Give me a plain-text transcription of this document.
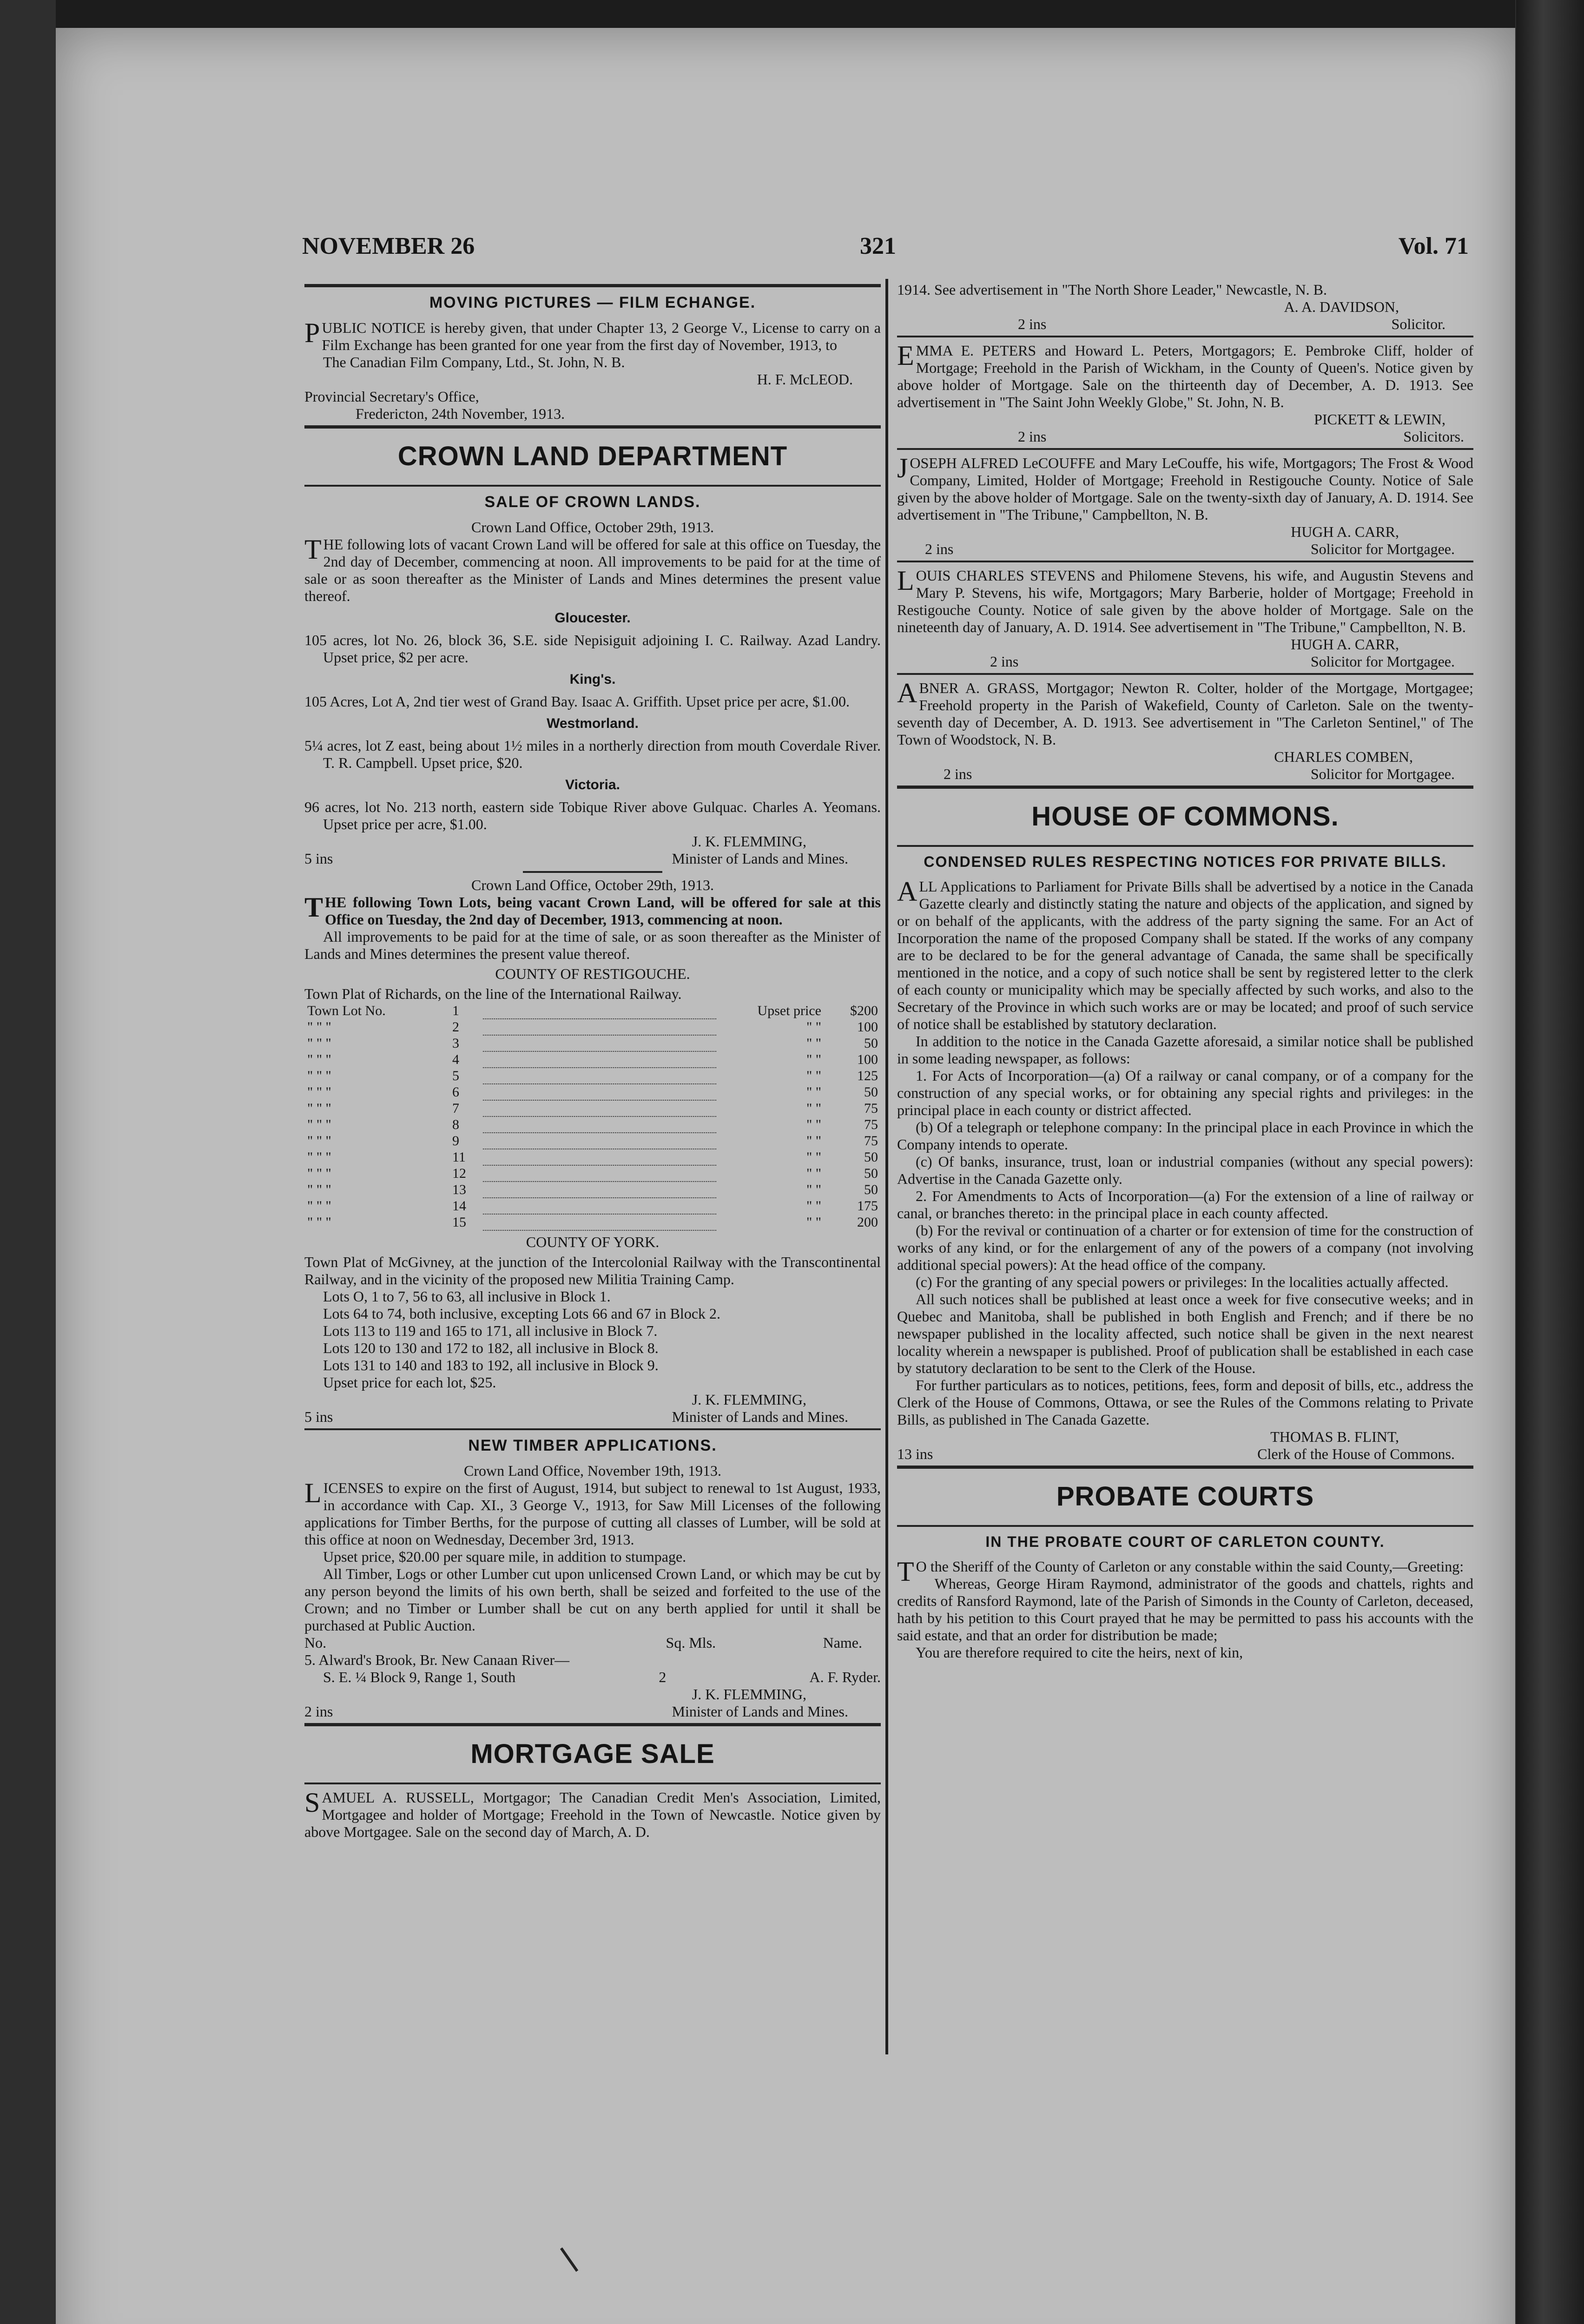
NOVEMBER 26	321	Vol. 71
MOVING PICTURES — FILM ECHANGE.

PUBLIC NOTICE is hereby given, that under Chapter 13, 2 George V., License to carry on a Film Exchange has been granted for one year from the first day of November, 1913, to

The Canadian Film Company, Ltd., St. John, N. B.

H. F. McLEOD.

Provincial Secretary's Office,

Fredericton, 24th November, 1913.

CROWN LAND DEPARTMENT
SALE OF CROWN LANDS.

Crown Land Office, October 29th, 1913.

THE following lots of vacant Crown Land will be offered for sale at this office on Tuesday, the 2nd day of December, commencing at noon. All improvements to be paid for at the time of sale or as soon thereafter as the Minister of Lands and Mines determines the present value thereof.

Gloucester.

105 acres, lot No. 26, block 36, S.E. side Nepisiguit adjoining I. C. Railway. Azad Landry. Upset price, $2 per acre.

King's.

105 Acres, Lot A, 2nd tier west of Grand Bay. Isaac A. Griffith. Upset price per acre, $1.00.

Westmorland.

5¼ acres, lot Z east, being about 1½ miles in a northerly direction from mouth Coverdale River. T. R. Campbell. Upset price, $20.

Victoria.

96 acres, lot No. 213 north, eastern side Tobique River above Gulquac. Charles A. Yeomans. Upset price per acre, $1.00.

J. K. FLEMMING,

5 ins	Minister of Lands and Mines.

Crown Land Office, October 29th, 1913.

THE following Town Lots, being vacant Crown Land, will be offered for sale at this Office on Tuesday, the 2nd day of December, 1913, commencing at noon.

All improvements to be paid for at the time of sale, or as soon thereafter as the Minister of Lands and Mines determines the present value thereof.

COUNTY OF RESTIGOUCHE.

Town Plat of Richards, on the line of the International Railway.

Town Lot No.	1		Upset price	$200
" " "	2		" "	100
" " "	3		" "	50
" " "	4		" "	100
" " "	5		" "	125
" " "	6		" "	50
" " "	7		" "	75
" " "	8		" "	75
" " "	9		" "	75
" " "	11		" "	50
" " "	12		" "	50
" " "	13		" "	50
" " "	14		" "	175
" " "	15		" "	200
COUNTY OF YORK.

Town Plat of McGivney, at the junction of the Intercolonial Railway with the Transcontinental Railway, and in the vicinity of the proposed new Militia Training Camp.

Lots O, 1 to 7, 56 to 63, all inclusive in Block 1.

Lots 64 to 74, both inclusive, excepting Lots 66 and 67 in Block 2.

Lots 113 to 119 and 165 to 171, all inclusive in Block 7.

Lots 120 to 130 and 172 to 182, all inclusive in Block 8.

Lots 131 to 140 and 183 to 192, all inclusive in Block 9.

Upset price for each lot, $25.

J. K. FLEMMING,

5 ins	Minister of Lands and Mines.
NEW TIMBER APPLICATIONS.

Crown Land Office, November 19th, 1913.

LICENSES to expire on the first of August, 1914, but subject to renewal to 1st August, 1933, in accordance with Cap. XI., 3 George V., 1913, for Saw Mill Licenses of the following applications for Timber Berths, for the purpose of cutting all classes of Lumber, will be sold at this office at noon on Wednesday, December 3rd, 1913.

Upset price, $20.00 per square mile, in addition to stumpage.

All Timber, Logs or other Lumber cut upon unlicensed Crown Land, or which may be cut by any person beyond the limits of his own berth, shall be seized and forfeited to the use of the Crown; and no Timber or Lumber shall be cut on any berth applied for until it shall be purchased at Public Auction.

No.	Sq. Mls.	Name.

5. Alward's Brook, Br. New Canaan River—

S. E. ¼ Block 9, Range 1, South	2	A. F. Ryder.

J. K. FLEMMING,

2 ins	Minister of Lands and Mines.
MORTGAGE SALE

SAMUEL A. RUSSELL, Mortgagor; The Canadian Credit Men's Association, Limited, Mortgagee and holder of Mortgage; Freehold in the Town of Newcastle. Notice given by above Mortgagee. Sale on the second day of March, A. D.

1914. See advertisement in "The North Shore Leader," Newcastle, N. B.

A. A. DAVIDSON,

2 ins	Solicitor.

EMMA E. PETERS and Howard L. Peters, Mortgagors; E. Pembroke Cliff, holder of Mortgage; Freehold in the Parish of Wickham, in the County of Queen's. Notice given by above holder of Mortgage. Sale on the thirteenth day of December, A. D. 1913. See advertisement in "The Saint John Weekly Globe," St. John, N. B.

PICKETT & LEWIN,
2 ins	Solicitors.

JOSEPH ALFRED LeCOUFFE and Mary LeCouffe, his wife, Mortgagors; The Frost & Wood Company, Limited, Holder of Mortgage; Freehold in Restigouche County. Notice of Sale given by the above holder of Mortgage. Sale on the twenty-sixth day of January, A. D. 1914. See advertisement in "The Tribune," Campbellton, N. B.

HUGH A. CARR,

2 ins	Solicitor for Mortgagee.

LOUIS CHARLES STEVENS and Philomene Stevens, his wife, and Augustin Stevens and Mary P. Stevens, his wife, Mortgagors; Mary Barberie, holder of Mortgage; Freehold in Restigouche County. Notice of sale given by the above holder of Mortgage. Sale on the nineteenth day of January, A. D. 1914. See advertisement in "The Tribune," Campbellton, N. B.

HUGH A. CARR,

2 ins	Solicitor for Mortgagee.

ABNER A. GRASS, Mortgagor; Newton R. Colter, holder of the Mortgage, Mortgagee; Freehold property in the Parish of Wakefield, County of Carleton. Sale on the twenty-seventh day of December, A. D. 1913. See advertisement in "The Carleton Sentinel," of The Town of Woodstock, N. B.

CHARLES COMBEN,

2 ins	Solicitor for Mortgagee.
HOUSE OF COMMONS.
CONDENSED RULES RESPECTING NOTICES FOR PRIVATE BILLS.

ALL Applications to Parliament for Private Bills shall be advertised by a notice in the Canada Gazette clearly and distinctly stating the nature and objects of the application, and signed by or on behalf of the applicants, with the address of the party signing the same. For an Act of Incorporation the name of the proposed Company shall be stated. If the works of any company are to be declared to be for the general advantage of Canada, the same shall be specifically mentioned in the notice, and a copy of such notice shall be sent by registered letter to the clerk of each county or municipality which may be specially affected by such works, and also to the Secretary of the Province in which such works are or may be located; and proof of such service of notice shall be established by statutory declaration.

In addition to the notice in the Canada Gazette aforesaid, a similar notice shall be published in some leading newspaper, as follows:

1. For Acts of Incorporation—(a) Of a railway or canal company, or of a company for the construction of any special works, or for obtaining any special rights and privileges: in the principal place in each county or district affected.

(b) Of a telegraph or telephone company: In the principal place in each Province in which the Company intends to operate.

(c) Of banks, insurance, trust, loan or industrial companies (without any special powers): Advertise in the Canada Gazette only.

2. For Amendments to Acts of Incorporation—(a) For the extension of a line of railway or canal, or branches thereto: in the principal place in each county affected.

(b) For the revival or continuation of a charter or for extension of time for the construction of works of any kind, or for the enlargement of any of the powers of a company (not involving additional special powers): At the head office of the company.

(c) For the granting of any special powers or privileges: In the localities actually affected.

All such notices shall be published at least once a week for five consecutive weeks; and in Quebec and Manitoba, shall be published in both English and French; and if there be no newspaper published in the locality affected, such notice shall be given in the next nearest locality wherein a newspaper is published. Proof of publication shall be established in each case by statutory declaration to be sent to the Clerk of the House.

For further particulars as to notices, petitions, fees, form and deposit of bills, etc., address the Clerk of the House of Commons, Ottawa, or see the Rules of the Commons relating to Private Bills, as published in The Canada Gazette.

THOMAS B. FLINT,

13 ins	Clerk of the House of Commons.
PROBATE COURTS
IN THE PROBATE COURT OF CARLETON COUNTY.

TO the Sheriff of the County of Carleton or any constable within the said County,—Greeting:

Whereas, George Hiram Raymond, administrator of the goods and chattels, rights and credits of Ransford Raymond, late of the Parish of Simonds in the County of Carleton, deceased, hath by his petition to this Court prayed that he may be permitted to pass his accounts with the said estate, and that an order for distribution be made;

You are therefore required to cite the heirs, next of kin,
